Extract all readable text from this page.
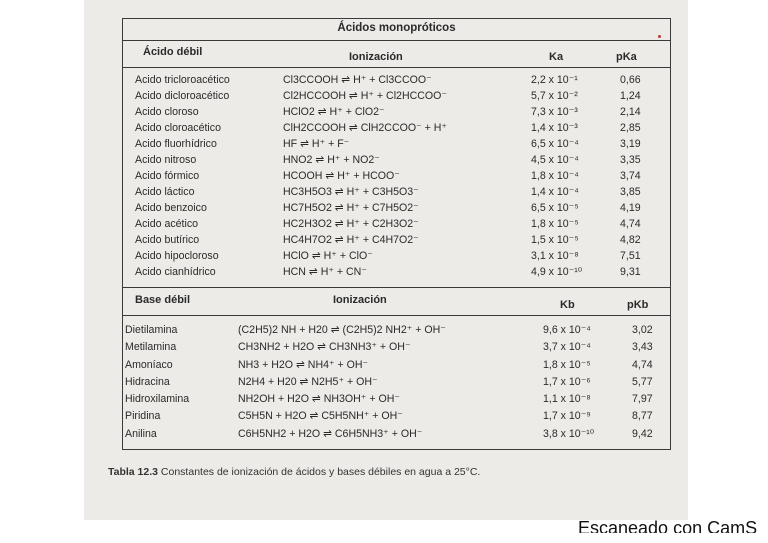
Ácidos monopróticos
Ácido débil	Ionización	Ka	pKa
Acido tricloroacético	Cl3CCOOH ⇌ H⁺ + Cl3CCOO⁻	2,2 x 10⁻¹	0,66
Acido dicloroacético	Cl2HCCOOH ⇌ H⁺ + Cl2HCCOO⁻	5,7 x 10⁻²	1,24
Acido cloroso	HClO2 ⇌ H⁺ + ClO2⁻	7,3 x 10⁻³	2,14
Acido cloroacético	ClH2CCOOH ⇌ ClH2CCOO⁻ + H⁺	1,4 x 10⁻³	2,85
Acido fluorhídrico	HF ⇌ H⁺ + F⁻	6,5 x 10⁻⁴	3,19
Acido nitroso	HNO2 ⇌ H⁺ + NO2⁻	4,5 x 10⁻⁴	3,35
Acido fórmico	HCOOH ⇌ H⁺ + HCOO⁻	1,8 x 10⁻⁴	3,74
Acido láctico	HC3H5O3 ⇌ H⁺ + C3H5O3⁻	1,4 x 10⁻⁴	3,85
Acido benzoico	HC7H5O2 ⇌ H⁺ + C7H5O2⁻	6,5 x 10⁻⁵	4,19
Acido acético	HC2H3O2 ⇌ H⁺ + C2H3O2⁻	1,8 x 10⁻⁵	4,74
Acido butírico	HC4H7O2 ⇌ H⁺ + C4H7O2⁻	1,5 x 10⁻⁵	4,82
Acido hipocloroso	HClO ⇌ H⁺ + ClO⁻	3,1 x 10⁻⁸	7,51
Acido cianhídrico	HCN ⇌ H⁺ + CN⁻	4,9 x 10⁻¹⁰	9,31
Base débil	Ionización	Kb	pKb
Dietilamina	(C2H5)2 NH + H20 ⇌ (C2H5)2 NH2⁺ + OH⁻	9,6 x 10⁻⁴	3,02
Metilamina	CH3NH2 + H2O ⇌ CH3NH3⁺ + OH⁻	3,7 x 10⁻⁴	3,43
Amoníaco	NH3 + H2O ⇌ NH4⁺ + OH⁻	1,8 x 10⁻⁵	4,74
Hidracina	N2H4 + H20 ⇌ N2H5⁺ + OH⁻	1,7 x 10⁻⁶	5,77
Hidroxilamina	NH2OH + H2O ⇌ NH3OH⁺ + OH⁻	1,1 x 10⁻⁸	7,97
Piridina	C5H5N + H2O ⇌ C5H5NH⁺ + OH⁻	1,7 x 10⁻⁹	8,77
Anilina	C6H5NH2 + H2O ⇌ C6H5NH3⁺ + OH⁻	3,8 x 10⁻¹⁰	9,42
Tabla 12.3 Constantes de ionización de ácidos y bases débiles en agua a 25°C.
Escaneado con CamS
